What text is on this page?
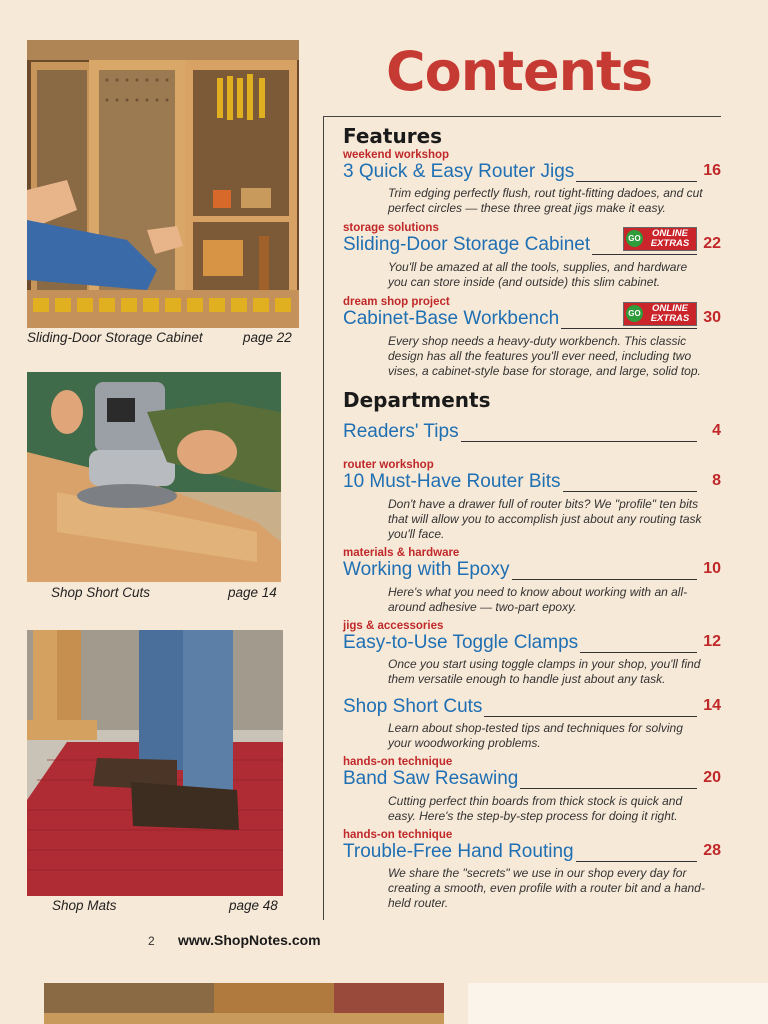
Sliding-Door Storage Cabinet	page 22
Shop Short Cuts	page 14
Shop Mats	page 48
Contents
Features
weekend workshop
3 Quick & Easy Router Jigs	16
Trim edging perfectly flush, rout tight-fitting dadoes, and cut perfect circles — these three great jigs make it easy.
storage solutions
Sliding-Door Storage Cabinet	22
GO	ONLINE
EXTRAS
You'll be amazed at all the tools, supplies, and hardware you can store inside (and outside) this slim cabinet.
dream shop project
Cabinet-Base Workbench	30
GO	ONLINE
EXTRAS
Every shop needs a heavy-duty workbench. This classic design has all the features you'll ever need, including two vises, a cabinet-style base for storage, and large, solid top.
Departments
Readers' Tips	4
router workshop
10 Must-Have Router Bits	8
Don't have a drawer full of router bits? We "profile" ten bits that will allow you to accomplish just about any routing task you'll face.
materials & hardware
Working with Epoxy	10
Here's what you need to know about working with an all-around adhesive — two-part epoxy.
jigs & accessories
Easy-to-Use Toggle Clamps	12
Once you start using toggle clamps in your shop, you'll find them versatile enough to handle just about any task.
Shop Short Cuts	14
Learn about shop-tested tips and techniques for solving your woodworking problems.
hands-on technique
Band Saw Resawing	20
Cutting perfect thin boards from thick stock is quick and easy. Here's the step-by-step process for doing it right.
hands-on technique
Trouble-Free Hand Routing	28
We share the "secrets" we use in our shop every day for creating a smooth, even profile with a router bit and a hand-held router.
2 www.ShopNotes.com
